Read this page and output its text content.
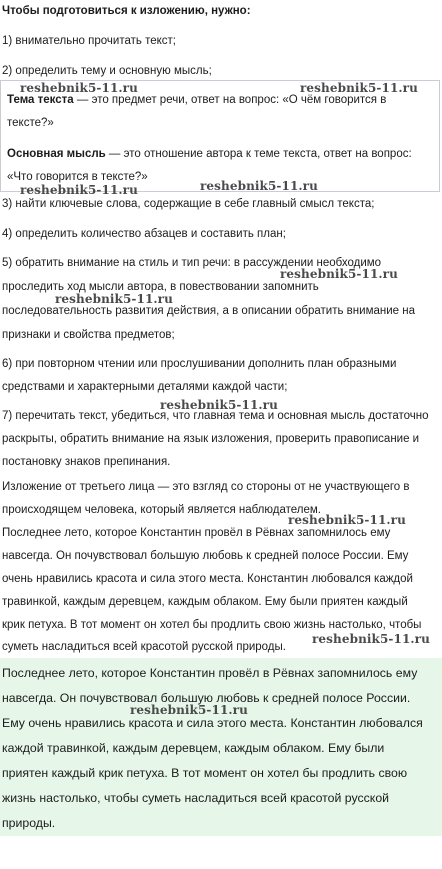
Чтобы подготовиться к изложению, нужно:
1) внимательно прочитать текст;
2) определить тему и основную мысль;
Тема текста — это предмет речи, ответ на вопрос: «О чём говорится в
тексте?»
Основная мысль — это отношение автора к теме текста, ответ на вопрос:
«Что говорится в тексте?»
3) найти ключевые слова, содержащие в себе главный смысл текста;
4) определить количество абзацев и составить план;
5) обратить внимание на стиль и тип речи: в рассуждении необходимо
проследить ход мысли автора, в повествовании запомнить
последовательность развития действия, а в описании обратить внимание на
признаки и свойства предметов;
6) при повторном чтении или прослушивании дополнить план образными
средствами и характерными деталями каждой части;
7) перечитать текст, убедиться, что главная тема и основная мысль достаточно
раскрыты, обратить внимание на язык изложения, проверить правописание и
постановку знаков препинания.
Изложение от третьего лица — это взгляд со стороны от не участвующего в
происходящем человека, который является наблюдателем.
Последнее лето, которое Константин провёл в Рёвнах запомнилось ему
навсегда. Он почувствовал большую любовь к средней полосе России. Ему
очень нравились красота и сила этого места. Константин любовался каждой
травинкой, каждым деревцем, каждым облаком. Ему были приятен каждый
крик петуха. В тот момент он хотел бы продлить свою жизнь настолько, чтобы
суметь насладиться всей красотой русской природы.
Последнее лето, которое Константин провёл в Рёвнах запомнилось ему
навсегда. Он почувствовал большую любовь к средней полосе России.
Ему очень нравились красота и сила этого места. Константин любовался
каждой травинкой, каждым деревцем, каждым облаком. Ему были
приятен каждый крик петуха. В тот момент он хотел бы продлить свою
жизнь настолько, чтобы суметь насладиться всей красотой русской
природы.
reshebnik5-11.ru	reshebnik5-11.ru
reshebnik5-11.ru	reshebnik5-11.ru
reshebnik5-11.ru
reshebnik5-11.ru
reshebnik5-11.ru
reshebnik5-11.ru
reshebnik5-11.ru
reshebnik5-11.ru
